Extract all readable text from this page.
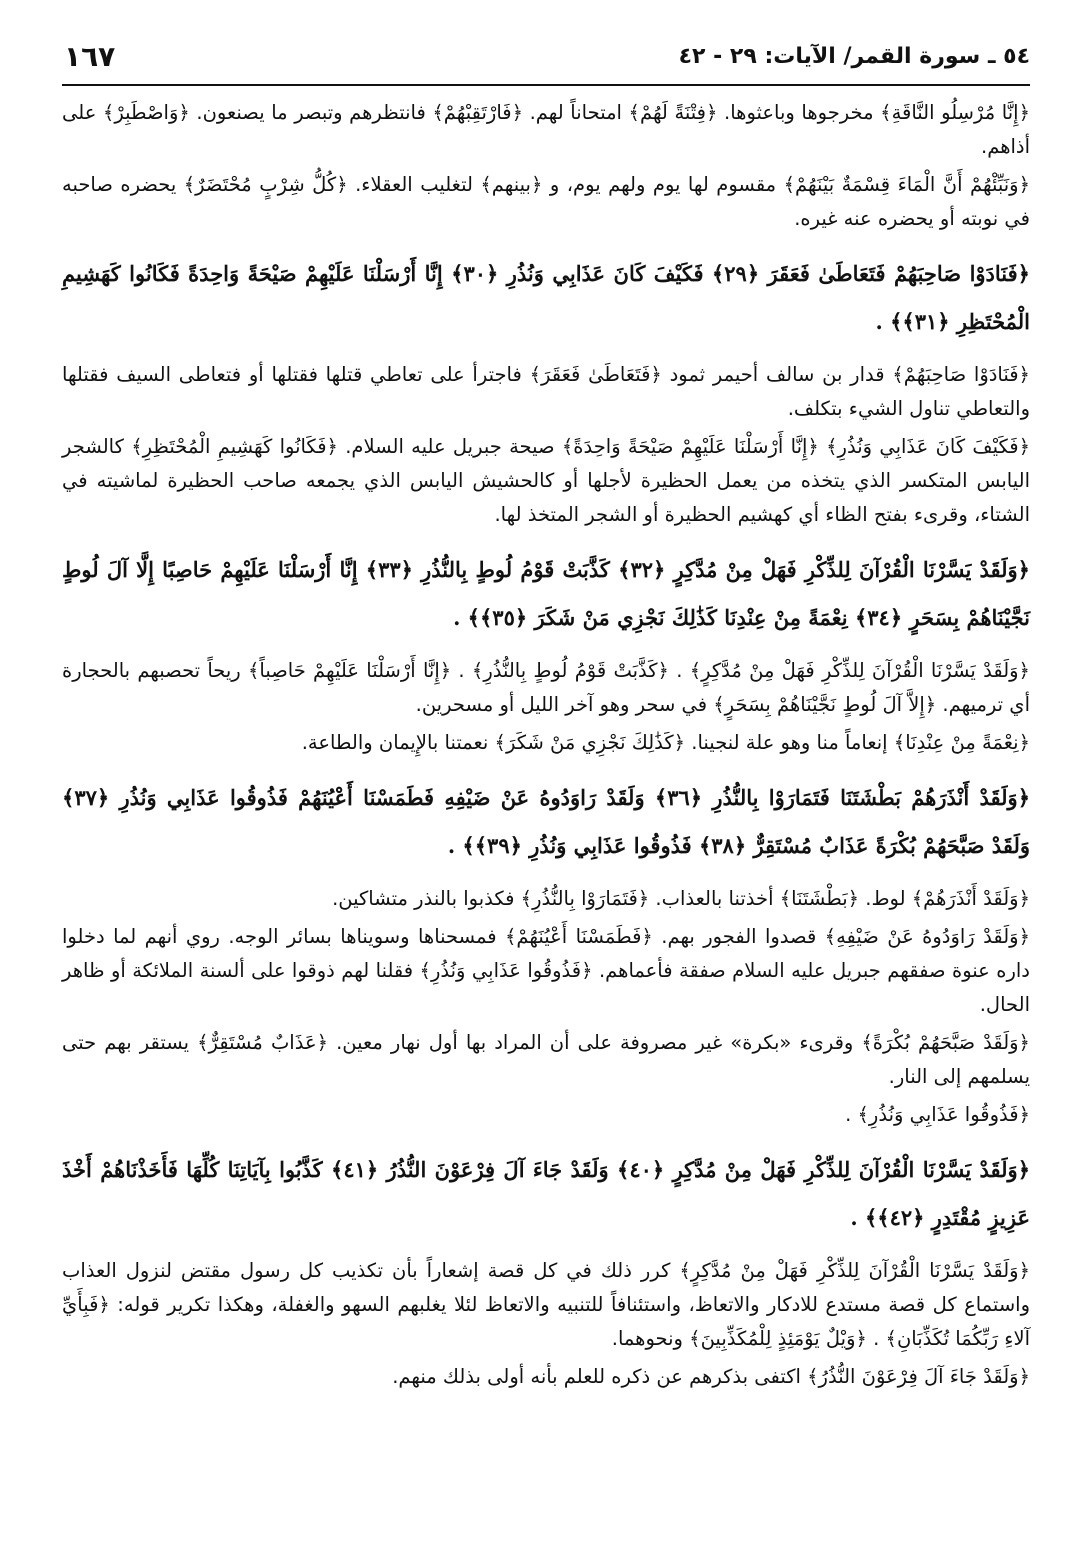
٥٤ ـ سورة القمر/ الآيات: ٢٩ - ٤٢
١٦٧

﴿إِنَّا مُرْسِلُو النَّاقَةِ﴾ مخرجوها وباعثوها. ﴿فِتْنَةً لَهُمْ﴾ امتحاناً لهم. ﴿فَارْتَقِبْهُمْ﴾ فانتظرهم وتبصر ما يصنعون. ﴿وَاصْطَبِرْ﴾ على أذاهم.

﴿وَنَبِّئْهُمْ أَنَّ الْمَاءَ قِسْمَةٌ بَيْنَهُمْ﴾ مقسوم لها يوم ولهم يوم، و ﴿بينهم﴾ لتغليب العقلاء. ﴿كُلُّ شِرْبٍ مُحْتَضَرٌ﴾ يحضره صاحبه في نوبته أو يحضره عنه غيره.

﴿فَنَادَوْا صَاحِبَهُمْ فَتَعَاطَىٰ فَعَقَرَ ﴿٢٩﴾ فَكَيْفَ كَانَ عَذَابِي وَنُذُرِ ﴿٣٠﴾ إِنَّا أَرْسَلْنَا عَلَيْهِمْ صَيْحَةً وَاحِدَةً فَكَانُوا كَهَشِيمِ الْمُحْتَظِرِ ﴿٣١﴾﴾ .

﴿فَنَادَوْا صَاحِبَهُمْ﴾ قدار بن سالف أحيمر ثمود ﴿فَتَعَاطَىٰ فَعَقَرَ﴾ فاجترأ على تعاطي قتلها فقتلها أو فتعاطى السيف فقتلها والتعاطي تناول الشيء بتكلف.

﴿فَكَيْفَ كَانَ عَذَابِي وَنُذُرِ﴾ ﴿إِنَّا أَرْسَلْنَا عَلَيْهِمْ صَيْحَةً وَاحِدَةً﴾ صيحة جبريل عليه السلام. ﴿فَكَانُوا كَهَشِيمِ الْمُحْتَظِرِ﴾ كالشجر اليابس المتكسر الذي يتخذه من يعمل الحظيرة لأجلها أو كالحشيش اليابس الذي يجمعه صاحب الحظيرة لماشيته في الشتاء، وقرىء بفتح الظاء أي كهشيم الحظيرة أو الشجر المتخذ لها.

﴿وَلَقَدْ يَسَّرْنَا الْقُرْآنَ لِلذِّكْرِ فَهَلْ مِنْ مُدَّكِرٍ ﴿٣٢﴾ كَذَّبَتْ قَوْمُ لُوطٍ بِالنُّذُرِ ﴿٣٣﴾ إِنَّا أَرْسَلْنَا عَلَيْهِمْ حَاصِبًا إِلَّا آلَ لُوطٍ نَجَّيْنَاهُمْ بِسَحَرٍ ﴿٣٤﴾ نِعْمَةً مِنْ عِنْدِنَا كَذَٰلِكَ نَجْزِي مَنْ شَكَرَ ﴿٣٥﴾﴾ .

﴿وَلَقَدْ يَسَّرْنَا الْقُرْآنَ لِلذِّكْرِ فَهَلْ مِنْ مُدَّكِرٍ﴾ . ﴿كَذَّبَتْ قَوْمُ لُوطٍ بِالنُّذُرِ﴾ . ﴿إِنَّا أَرْسَلْنَا عَلَيْهِمْ حَاصِباً﴾ ريحاً تحصبهم بالحجارة أي ترميهم. ﴿إِلاَّ آلَ لُوطٍ نَجَّيْنَاهُمْ بِسَحَرٍ﴾ في سحر وهو آخر الليل أو مسحرين.

﴿نِعْمَةً مِنْ عِنْدِنَا﴾ إنعاماً منا وهو علة لنجينا. ﴿كَذَٰلِكَ نَجْزِي مَنْ شَكَرَ﴾ نعمتنا بالإِيمان والطاعة.

﴿وَلَقَدْ أَنْذَرَهُمْ بَطْشَتَنَا فَتَمَارَوْا بِالنُّذُرِ ﴿٣٦﴾ وَلَقَدْ رَاوَدُوهُ عَنْ ضَيْفِهِ فَطَمَسْنَا أَعْيُنَهُمْ فَذُوقُوا عَذَابِي وَنُذُرِ ﴿٣٧﴾ وَلَقَدْ صَبَّحَهُمْ بُكْرَةً عَذَابٌ مُسْتَقِرٌّ ﴿٣٨﴾ فَذُوقُوا عَذَابِي وَنُذُرِ ﴿٣٩﴾﴾ .

﴿وَلَقَدْ أَنْذَرَهُمْ﴾ لوط. ﴿بَطْشَتَنَا﴾ أخذتنا بالعذاب. ﴿فَتَمَارَوْا بِالنُّذُرِ﴾ فكذبوا بالنذر متشاكين.

﴿وَلَقَدْ رَاوَدُوهُ عَنْ ضَيْفِهِ﴾ قصدوا الفجور بهم. ﴿فَطَمَسْنَا أَعْيُنَهُمْ﴾ فمسحناها وسويناها بسائر الوجه. روي أنهم لما دخلوا داره عنوة صفقهم جبريل عليه السلام صفقة فأعماهم. ﴿فَذُوقُوا عَذَابِي وَنُذُرِ﴾ فقلنا لهم ذوقوا على ألسنة الملائكة أو ظاهر الحال.

﴿وَلَقَدْ صَبَّحَهُمْ بُكْرَةً﴾ وقرىء «بكرة» غير مصروفة على أن المراد بها أول نهار معين. ﴿عَذَابٌ مُسْتَقِرٌّ﴾ يستقر بهم حتى يسلمهم إلى النار.

﴿فَذُوقُوا عَذَابِي وَنُذُرِ﴾ .

﴿وَلَقَدْ يَسَّرْنَا الْقُرْآنَ لِلذِّكْرِ فَهَلْ مِنْ مُدَّكِرٍ ﴿٤٠﴾ وَلَقَدْ جَاءَ آلَ فِرْعَوْنَ النُّذُرُ ﴿٤١﴾ كَذَّبُوا بِآيَاتِنَا كُلِّهَا فَأَخَذْنَاهُمْ أَخْذَ عَزِيزٍ مُقْتَدِرٍ ﴿٤٢﴾﴾ .

﴿وَلَقَدْ يَسَّرْنَا الْقُرْآنَ لِلذِّكْرِ فَهَلْ مِنْ مُدَّكِرٍ﴾ كرر ذلك في كل قصة إشعاراً بأن تكذيب كل رسول مقتض لنزول العذاب واستماع كل قصة مستدع للادكار والاتعاظ، واستئنافاً للتنبيه والاتعاظ لئلا يغلبهم السهو والغفلة، وهكذا تكرير قوله: ﴿فَبِأَيِّ آلاءِ رَبِّكُمَا تُكَذِّبَانِ﴾ . ﴿وَيْلٌ يَوْمَئِذٍ لِلْمُكَذِّبِينَ﴾ ونحوهما.

﴿وَلَقَدْ جَاءَ آلَ فِرْعَوْنَ النُّذُرُ﴾ اكتفى بذكرهم عن ذكره للعلم بأنه أولى بذلك منهم.
